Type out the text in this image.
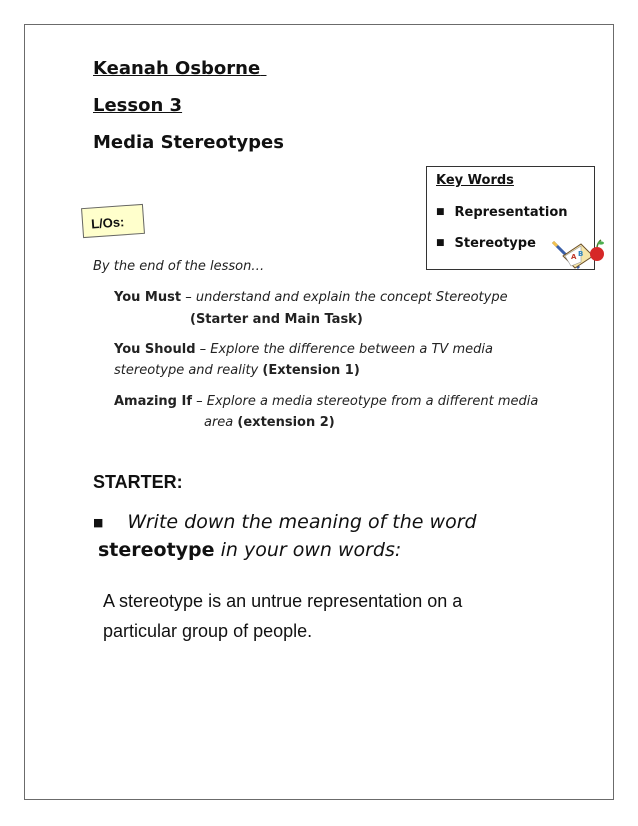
Keanah Osborne
Lesson 3
Media Stereotypes
Key Words
■ Representation
■ Stereotype
A B
L/Os:
By the end of the lesson…
You Must – understand and explain the concept Stereotype
(Starter and Main Task)
You Should – Explore the difference between a TV media
stereotype and reality (Extension 1)
Amazing If – Explore a media stereotype from a different media
area (extension 2)
STARTER:
■ Write down the meaning of the word
stereotype in your own words:
A stereotype is an untrue representation on a
particular group of people.
